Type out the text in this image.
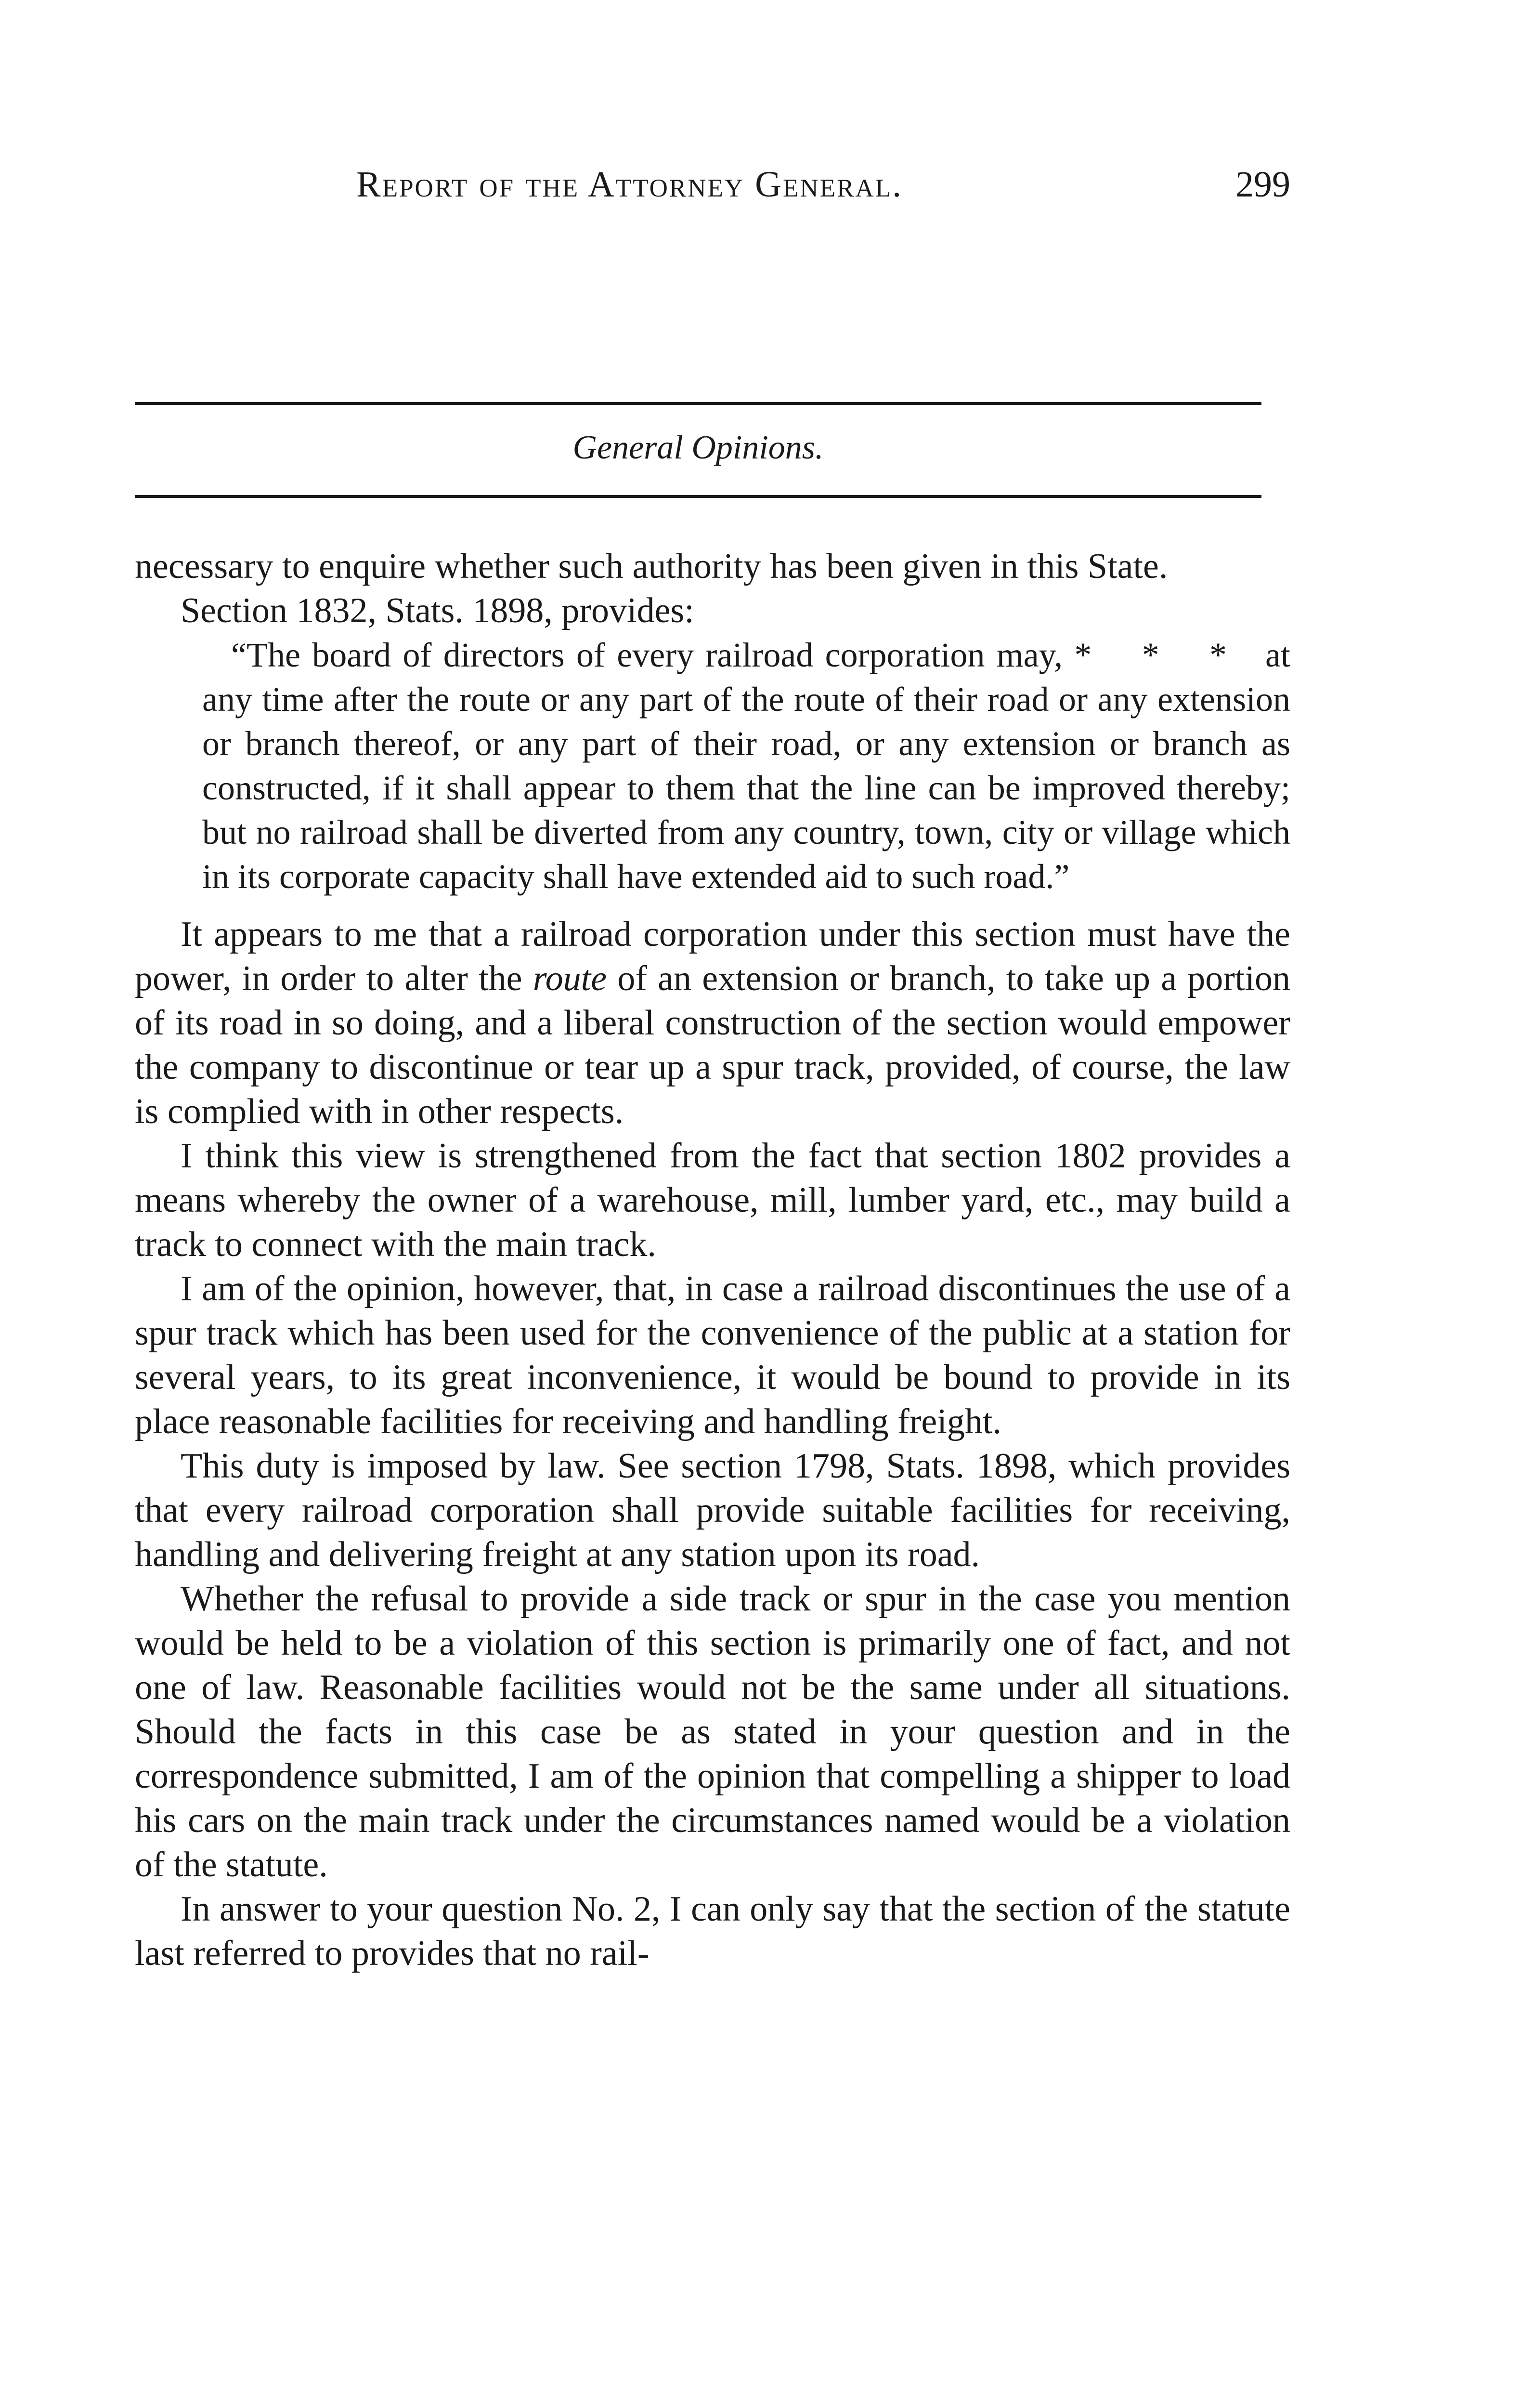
Report of the Attorney General.	299
General Opinions.

necessary to enquire whether such authority has been given in this State.

Section 1832, Stats. 1898, provides:

“The board of directors of every railroad corporation may, * * * at any time after the route or any part of the route of their road or any extension or branch thereof, or any part of their road, or any extension or branch as constructed, if it shall appear to them that the line can be improved thereby; but no railroad shall be diverted from any country, town, city or village which in its corporate capacity shall have extended aid to such road.”

It appears to me that a railroad corporation under this section must have the power, in order to alter the route of an extension or branch, to take up a portion of its road in so doing, and a liberal construction of the section would empower the company to discontinue or tear up a spur track, provided, of course, the law is complied with in other respects.

I think this view is strengthened from the fact that section 1802 provides a means whereby the owner of a warehouse, mill, lumber yard, etc., may build a track to connect with the main track.

I am of the opinion, however, that, in case a railroad discontinues the use of a spur track which has been used for the convenience of the public at a station for several years, to its great inconvenience, it would be bound to provide in its place reasonable facilities for receiving and handling freight.

This duty is imposed by law. See section 1798, Stats. 1898, which provides that every railroad corporation shall provide suitable facilities for receiving, handling and delivering freight at any station upon its road.

Whether the refusal to provide a side track or spur in the case you mention would be held to be a violation of this section is primarily one of fact, and not one of law. Reasonable facilities would not be the same under all situations. Should the facts in this case be as stated in your question and in the correspondence submitted, I am of the opinion that compelling a shipper to load his cars on the main track under the circumstances named would be a violation of the statute.

In answer to your question No. 2, I can only say that the section of the statute last referred to provides that no rail-
